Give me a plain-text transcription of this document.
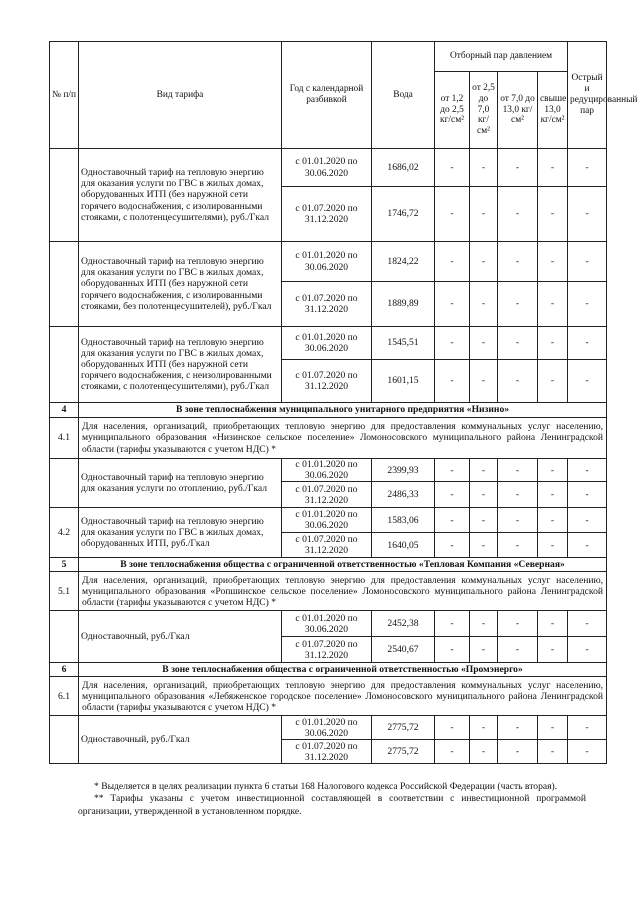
№ п/п	Вид тарифа	Год с календарной разбивкой	Вода	Отборный пар давлением				Острый и редуцированный пар
				от 1,2 до 2,5 кг/см²	от 2,5 до 7,0 кг/см²	от 7,0 до 13,0 кг/см²	свыше 13,0 кг/см²	
	Одноставочный тариф на тепловую энергию для оказания услуги по ГВС в жилых домах, оборудованных ИТП (без наружной сети горячего водоснабжения, с изолированными стояками, с полотенцесушителями), руб./Гкал	с 01.01.2020 по 30.06.2020	1686,02	-	-	-	-	-
		с 01.07.2020 по 31.12.2020	1746,72	-	-	-	-	-
	Одноставочный тариф на тепловую энергию для оказания услуги по ГВС в жилых домах, оборудованных ИТП (без наружной сети горячего водоснабжения, с изолированными стояками, без полотенцесушителей), руб./Гкал	с 01.01.2020 по 30.06.2020	1824,22	-	-	-	-	-
		с 01.07.2020 по 31.12.2020	1889,89	-	-	-	-	-
	Одноставочный тариф на тепловую энергию для оказания услуги по ГВС в жилых домах, оборудованных ИТП (без наружной сети горячего водоснабжения, с неизолированными стояками, с полотенцесушителями), руб./Гкал	с 01.01.2020 по 30.06.2020	1545,51	-	-	-	-	-
		с 01.07.2020 по 31.12.2020	1601,15	-	-	-	-	-
4	В зоне теплоснабжения муниципального унитарного предприятия «Низино»							
4.1	Для населения, организаций, приобретающих тепловую энергию для предоставления коммунальных услуг населению, муниципального образования «Низинское сельское поселение» Ломоносовского муниципального района Ленинградской области (тарифы указываются с учетом НДС) *							
	Одноставочный тариф на тепловую энергию для оказания услуги по отоплению, руб./Гкал	с 01.01.2020 по 30.06.2020	2399,93	-	-	-	-	-
		с 01.07.2020 по 31.12.2020	2486,33	-	-	-	-	-
4.2	Одноставочный тариф на тепловую энергию для оказания услуги по ГВС в жилых домах, оборудованных ИТП, руб./Гкал	с 01.01.2020 по 30.06.2020	1583,06	-	-	-	-	-
		с 01.07.2020 по 31.12.2020	1640,05	-	-	-	-	-
5	В зоне теплоснабжения общества с ограниченной ответственностью «Тепловая Компания «Северная»							
5.1	Для населения, организаций, приобретающих тепловую энергию для предоставления коммунальных услуг населению, муниципального образования «Ропшинское сельское поселение» Ломоносовского муниципального района Ленинградской области (тарифы указываются с учетом НДС) *							
	Одноставочный, руб./Гкал	с 01.01.2020 по 30.06.2020	2452,38	-	-	-	-	-
		с 01.07.2020 по 31.12.2020	2540,67	-	-	-	-	-
6	В зоне теплоснабжения общества с ограниченной ответственностью «Промэнерго»							
6.1	Для населения, организаций, приобретающих тепловую энергию для предоставления коммунальных услуг населению, муниципального образования «Лебяженское городское поселение» Ломоносовского муниципального района Ленинградской области (тарифы указываются с учетом НДС) *							
	Одноставочный, руб./Гкал	с 01.01.2020 по 30.06.2020	2775,72	-	-	-	-	-
		с 01.07.2020 по 31.12.2020	2775,72	-	-	-	-	-

* Выделяется в целях реализации пункта 6 статьи 168 Налогового кодекса Российской Федерации (часть вторая).

** Тарифы указаны с учетом инвестиционной составляющей в соответствии с инвестиционной программой организации, утвержденной в установленном порядке.
